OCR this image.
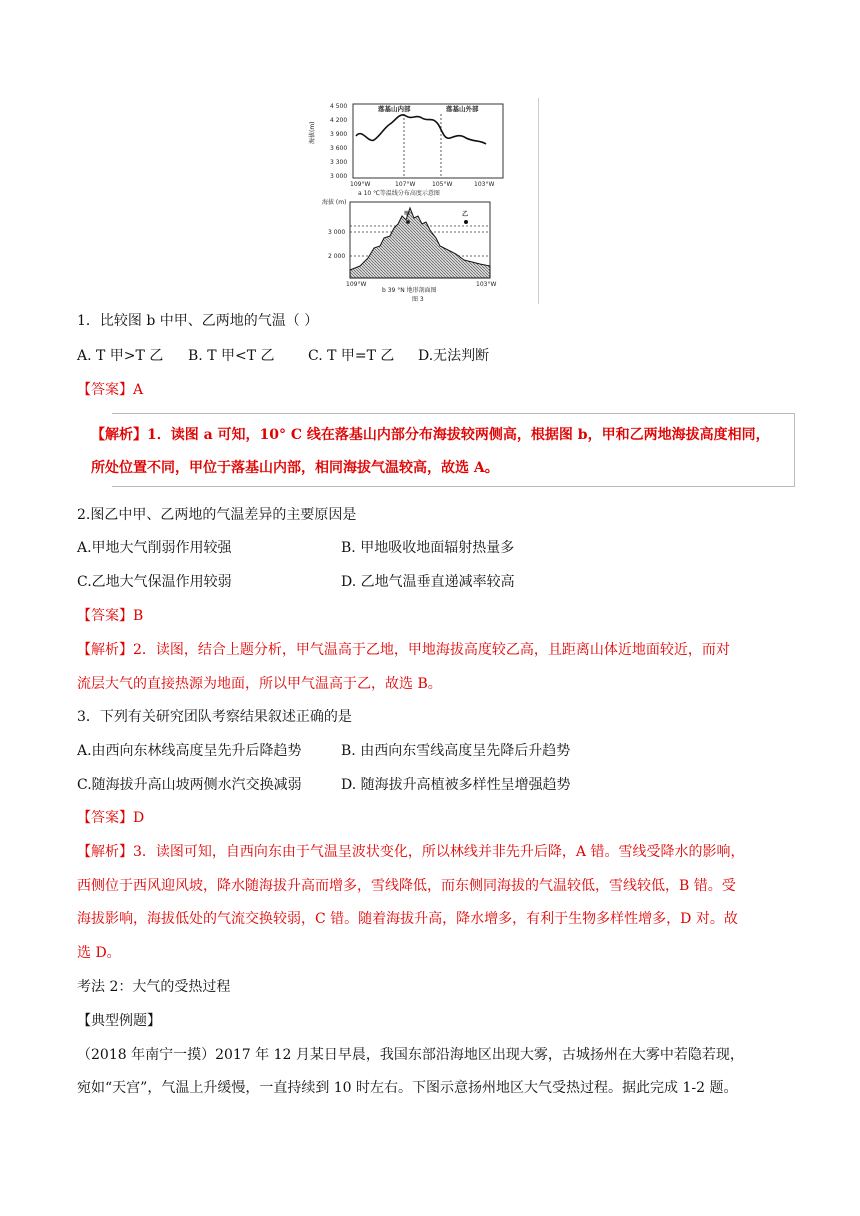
海拔(m)
4 500
4 200
3 900
3 600
3 300
3 000
落基山内部	落基山外部
109°W	107°W	105°W	103°W
a 10 ℃等温线分布高度示意图
海拔 (m)
3 000
2 000
甲	乙
109°W	103°W
b 39 °N 地形剖面图
图 3
1．比较图 b 中甲、乙两地的气温（ ）
A. T 甲>T 乙 B. T 甲<T 乙 C. T 甲=T 乙 D.无法判断
【答案】A
【解析】1．读图 a 可知，10° C 线在落基山内部分布海拔较两侧高，根据图 b，甲和乙两地海拔高度相同，
所处位置不同，甲位于落基山内部，相同海拔气温较高，故选 A。
2.图乙中甲、乙两地的气温差异的主要原因是
A.甲地大气削弱作用较强	B. 甲地吸收地面辐射热量多
C.乙地大气保温作用较弱	D. 乙地气温垂直递减率较高
【答案】B
【解析】2．读图，结合上题分析，甲气温高于乙地，甲地海拔高度较乙高，且距离山体近地面较近，而对
流层大气的直接热源为地面，所以甲气温高于乙，故选 B。
3．下列有关研究团队考察结果叙述正确的是
A.由西向东林线高度呈先升后降趋势	B. 由西向东雪线高度呈先降后升趋势
C.随海拔升高山坡两侧水汽交换减弱	D. 随海拔升高植被多样性呈增强趋势
【答案】D
【解析】3．读图可知，自西向东由于气温呈波状变化，所以林线并非先升后降，A 错。雪线受降水的影响，
西侧位于西风迎风坡，降水随海拔升高而增多，雪线降低，而东侧同海拔的气温较低，雪线较低，B 错。受
海拔影响，海拔低处的气流交换较弱，C 错。随着海拔升高，降水增多，有利于生物多样性增多，D 对。故
选 D。
考法 2：大气的受热过程
【典型例题】
（2018 年南宁一摸）2017 年 12 月某日早晨，我国东部沿海地区出现大雾，古城扬州在大雾中若隐若现，
宛如“天宫”，气温上升缓慢，一直持续到 10 时左右。下图示意扬州地区大气受热过程。据此完成 1-2 题。
